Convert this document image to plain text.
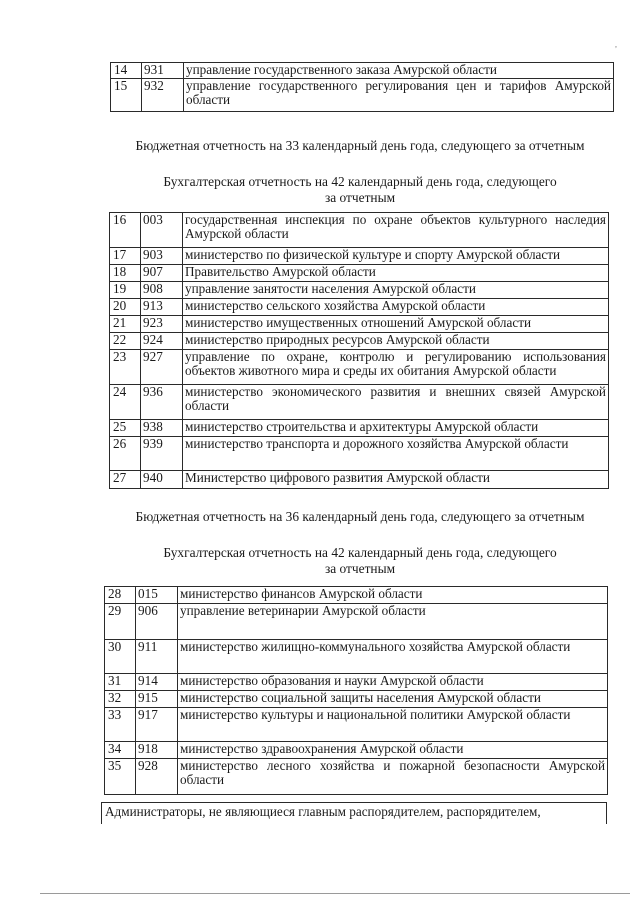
14	931	управление государственного заказа Амурской области
15	932	управление государственного регулирования цен и тарифов Амурской области
Бюджетная отчетность на 33 календарный день года, следующего за отчетным
Бухгалтерская отчетность на 42 календарный день года, следующего
за отчетным
16	003	государственная инспекция по охране объектов культурного наследия Амурской области
17	903	министерство по физической культуре и спорту Амурской области
18	907	Правительство Амурской области
19	908	управление занятости населения Амурской области
20	913	министерство сельского хозяйства Амурской области
21	923	министерство имущественных отношений Амурской области
22	924	министерство природных ресурсов Амурской области
23	927	управление по охране, контролю и регулированию использования объектов животного мира и среды их обитания Амурской области
24	936	министерство экономического развития и внешних связей Амурской области
25	938	министерство строительства и архитектуры Амурской области
26	939	министерство транспорта и дорожного хозяйства Амурской области
27	940	Министерство цифрового развития Амурской области
Бюджетная отчетность на 36 календарный день года, следующего за отчетным
Бухгалтерская отчетность на 42 календарный день года, следующего
за отчетным
28	015	министерство финансов Амурской области
29	906	управление ветеринарии Амурской области
30	911	министерство жилищно-коммунального хозяйства Амурской области
31	914	министерство образования и науки Амурской области
32	915	министерство социальной защиты населения Амурской области
33	917	министерство культуры и национальной политики Амурской области
34	918	министерство здравоохранения Амурской области
35	928	министерство лесного хозяйства и пожарной безопасности Амурской области
Администраторы, не являющиеся главным распорядителем, распорядителем,
,
